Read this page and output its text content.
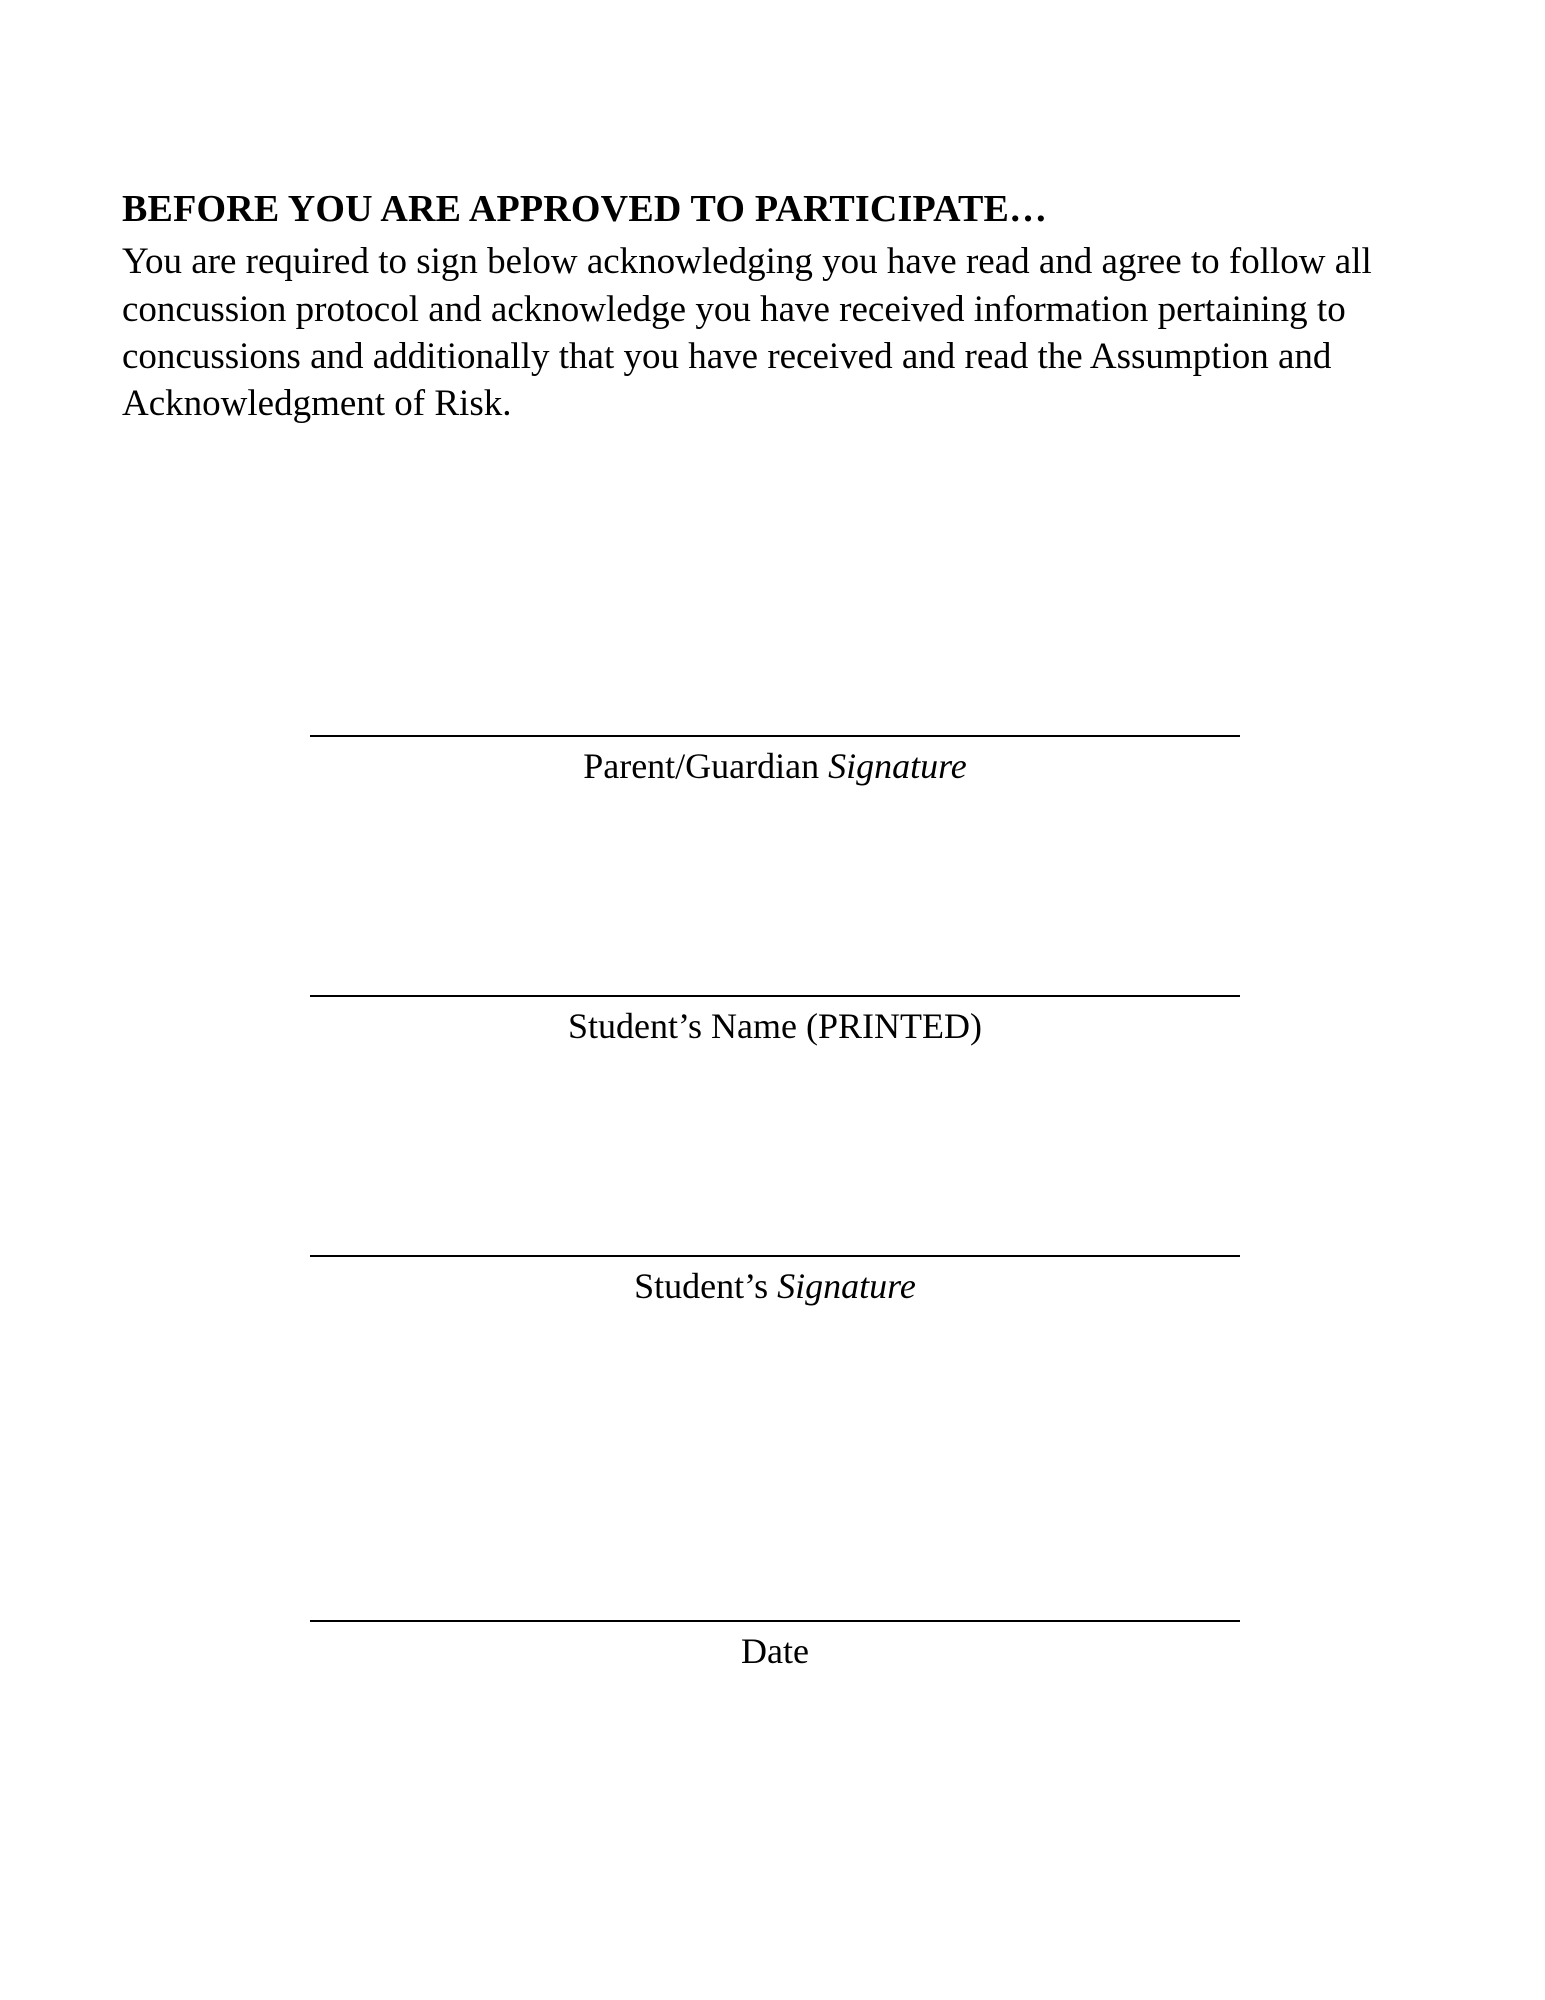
BEFORE YOU ARE APPROVED TO PARTICIPATE…

You are required to sign below acknowledging you have read and agree to follow all concussion protocol and acknowledge you have received information pertaining to concussions and additionally that you have received and read the Assumption and Acknowledgment of Risk.

Parent/Guardian Signature
Student’s Name (PRINTED)
Student’s Signature
Date
